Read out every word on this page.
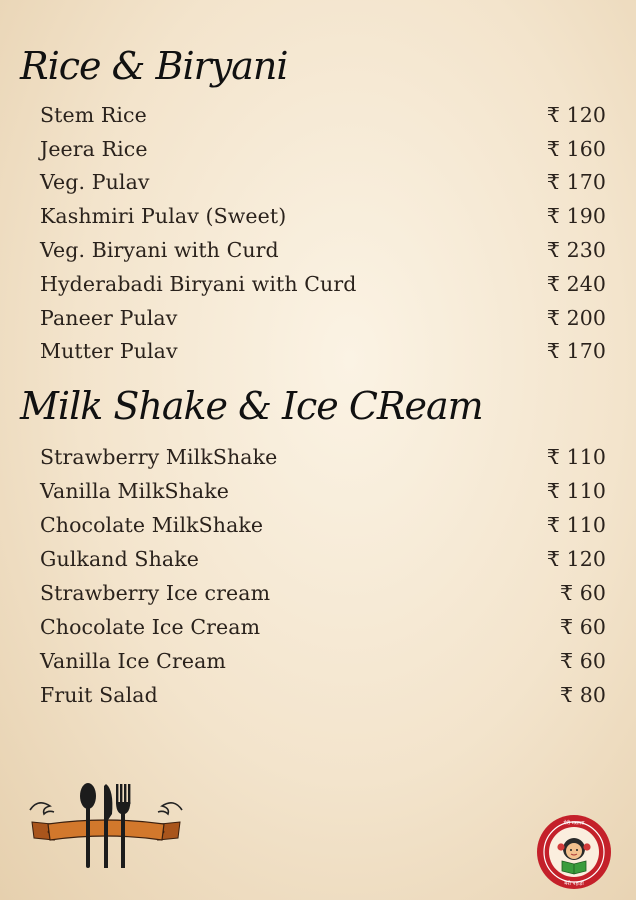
Rice & Biryani
Stem Rice	₹ 120
Jeera Rice	₹ 160
Veg. Pulav	₹ 170
Kashmiri Pulav (Sweet)	₹ 190
Veg. Biryani with Curd	₹ 230
Hyderabadi Biryani with Curd	₹ 240
Paneer Pulav	₹ 200
Mutter Pulav	₹ 170
Milk Shake & Ice CReam
Strawberry MilkShake	₹ 110
Vanilla MilkShake	₹ 110
Chocolate MilkShake	₹ 110
Gulkand Shake	₹ 120
Strawberry Ice cream	₹ 60
Chocolate Ice Cream	₹ 60
Vanilla Ice Cream	₹ 60
Fruit Salad	₹ 80
मेरी मसाला
मेरी पहाड़ी
